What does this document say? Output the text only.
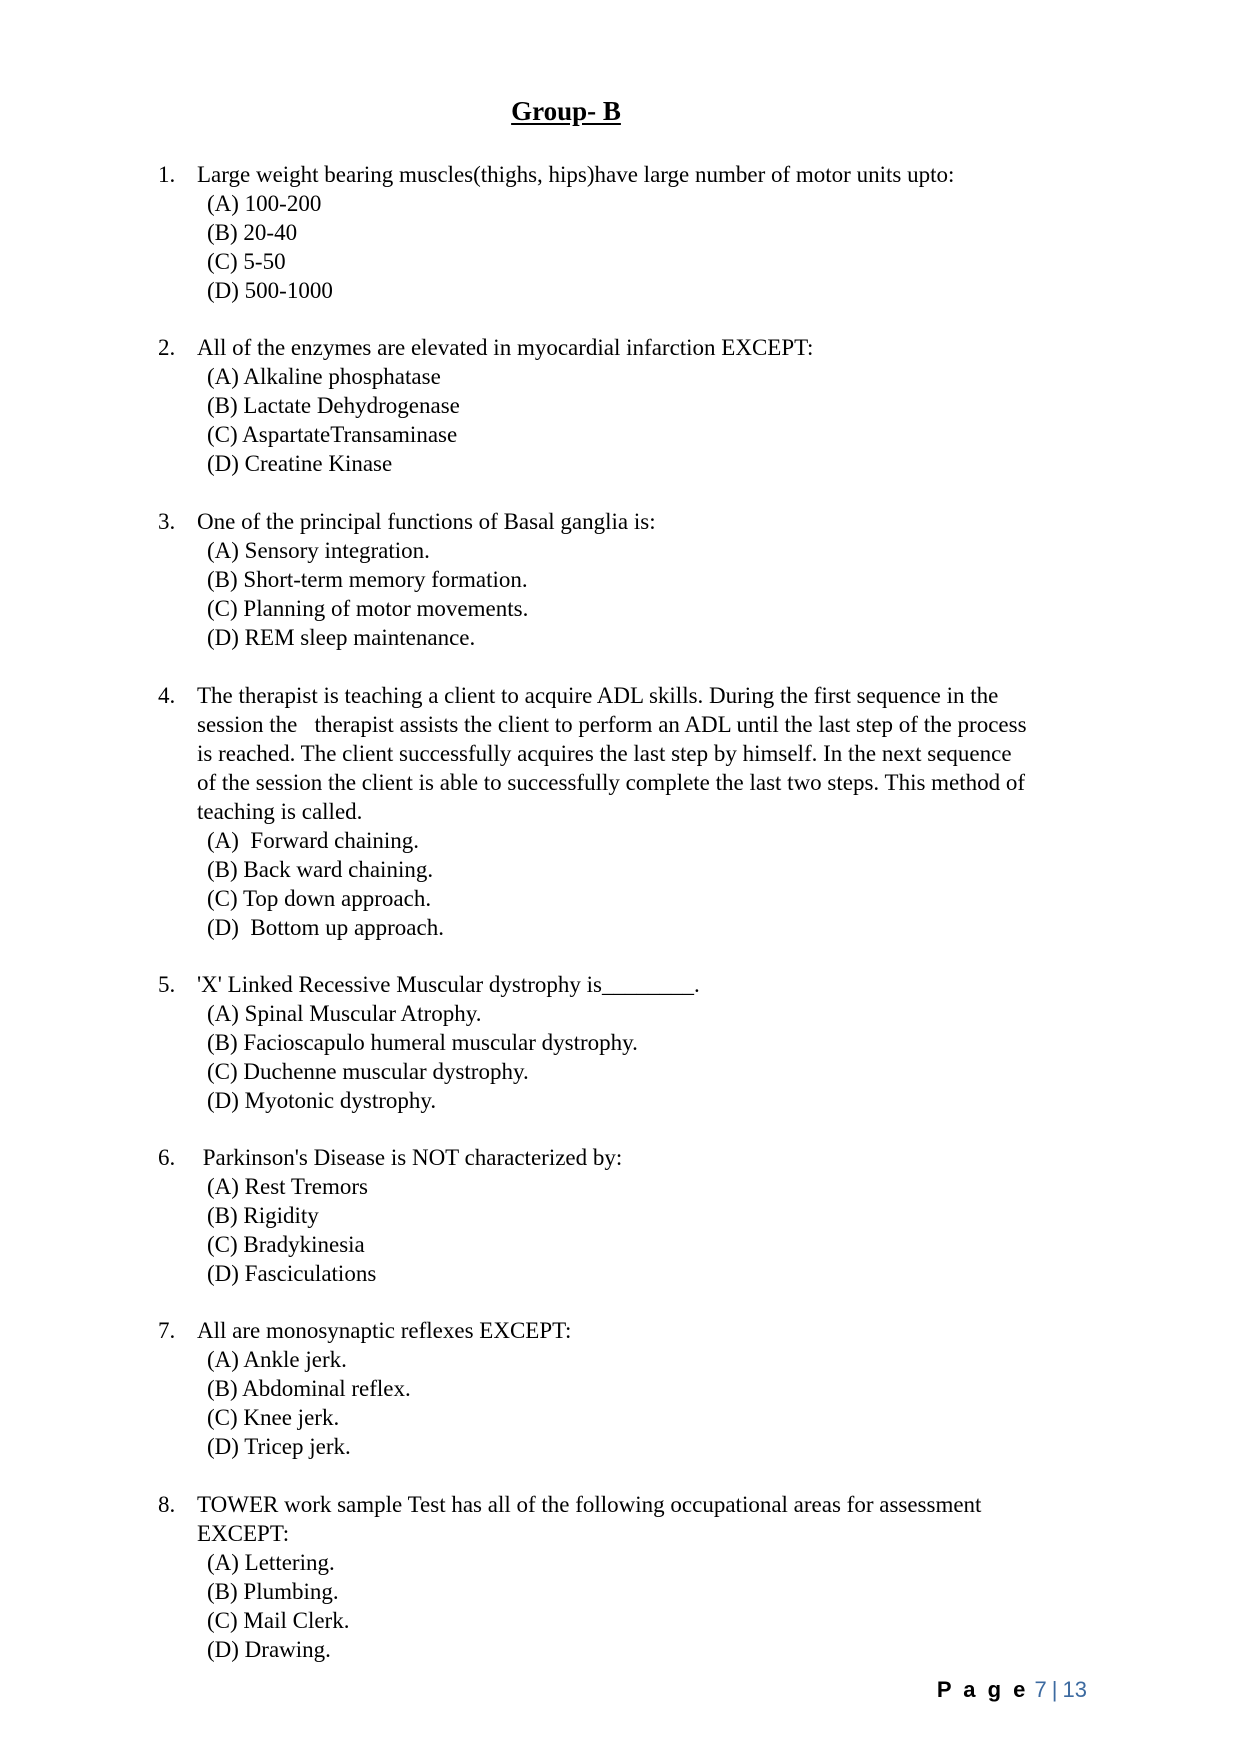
Group- B
1. Large weight bearing muscles(thighs, hips)have large number of motor units upto:
(A) 100-200
(B) 20-40
(C) 5-50
(D) 500-1000
2. All of the enzymes are elevated in myocardial infarction EXCEPT:
(A) Alkaline phosphatase
(B) Lactate Dehydrogenase
(C) AspartateTransaminase
(D) Creatine Kinase
3. One of the principal functions of Basal ganglia is:
(A) Sensory integration.
(B) Short-term memory formation.
(C) Planning of motor movements.
(D) REM sleep maintenance.
4. The therapist is teaching a client to acquire ADL skills. During the first sequence in the
session the   therapist assists the client to perform an ADL until the last step of the process
is reached. The client successfully acquires the last step by himself. In the next sequence
of the session the client is able to successfully complete the last two steps. This method of
teaching is called.
(A)  Forward chaining.
(B) Back ward chaining.
(C) Top down approach.
(D)  Bottom up approach.
5. 'X' Linked Recessive Muscular dystrophy is________.
(A) Spinal Muscular Atrophy.
(B) Facioscapulo humeral muscular dystrophy.
(C) Duchenne muscular dystrophy.
(D) Myotonic dystrophy.
6. Parkinson's Disease is NOT characterized by:
(A) Rest Tremors
(B) Rigidity
(C) Bradykinesia
(D) Fasciculations
7. All are monosynaptic reflexes EXCEPT:
(A) Ankle jerk.
(B) Abdominal reflex.
(C) Knee jerk.
(D) Tricep jerk.
8. TOWER work sample Test has all of the following occupational areas for assessment
EXCEPT:
(A) Lettering.
(B) Plumbing.
(C) Mail Clerk.
(D) Drawing.
P a g e 7 | 13
